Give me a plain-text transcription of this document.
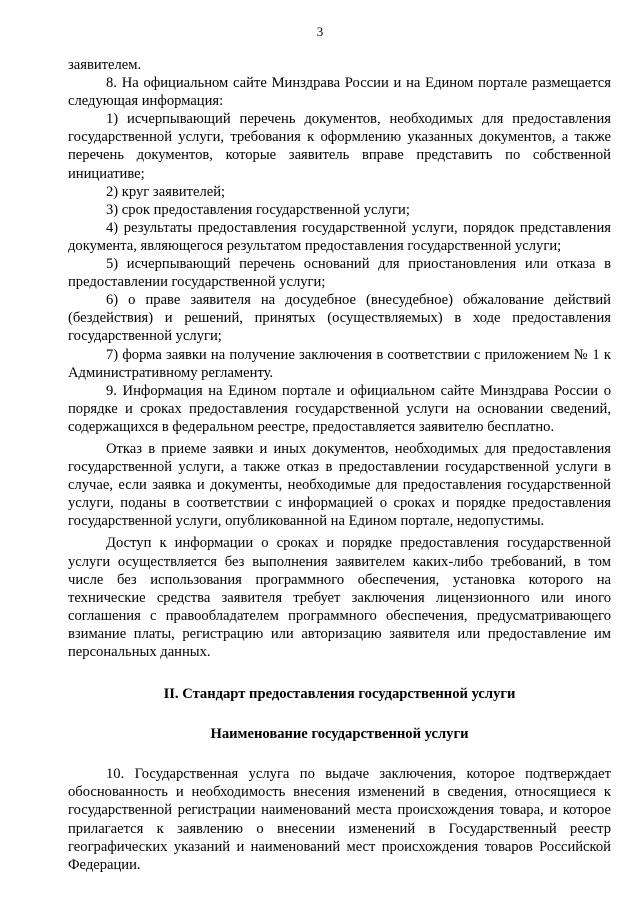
3

заявителем.

8. На официальном сайте Минздрава России и на Едином портале размещается следующая информация:

1) исчерпывающий перечень документов, необходимых для предоставления государственной услуги, требования к оформлению указанных документов, а также перечень документов, которые заявитель вправе представить по собственной инициативе;

2) круг заявителей;

3) срок предоставления государственной услуги;

4) результаты предоставления государственной услуги, порядок представления документа, являющегося результатом предоставления государственной услуги;

5) исчерпывающий перечень оснований для приостановления или отказа в предоставлении государственной услуги;

6) о праве заявителя на досудебное (внесудебное) обжалование действий (бездействия) и решений, принятых (осуществляемых) в ходе предоставления государственной услуги;

7) форма заявки на получение заключения в соответствии с приложением № 1 к Административному регламенту.

9. Информация на Едином портале и официальном сайте Минздрава России о порядке и сроках предоставления государственной услуги на основании сведений, содержащихся в федеральном реестре, предоставляется заявителю бесплатно.

Отказ в приеме заявки и иных документов, необходимых для предоставления государственной услуги, а также отказ в предоставлении государственной услуги в случае, если заявка и документы, необходимые для предоставления государственной услуги, поданы в соответствии с информацией о сроках и порядке предоставления государственной услуги, опубликованной на Едином портале, недопустимы.

Доступ к информации о сроках и порядке предоставления государственной услуги осуществляется без выполнения заявителем каких-либо требований, в том числе без использования программного обеспечения, установка которого на технические средства заявителя требует заключения лицензионного или иного соглашения с правообладателем программного обеспечения, предусматривающего взимание платы, регистрацию или авторизацию заявителя или предоставление им персональных данных.

II. Стандарт предоставления государственной услуги

Наименование государственной услуги

10. Государственная услуга по выдаче заключения, которое подтверждает обоснованность и необходимость внесения изменений в сведения, относящиеся к государственной регистрации наименований места происхождения товара, и которое прилагается к заявлению о внесении изменений в Государственный реестр географических указаний и наименований мест происхождения товаров Российской Федерации.
